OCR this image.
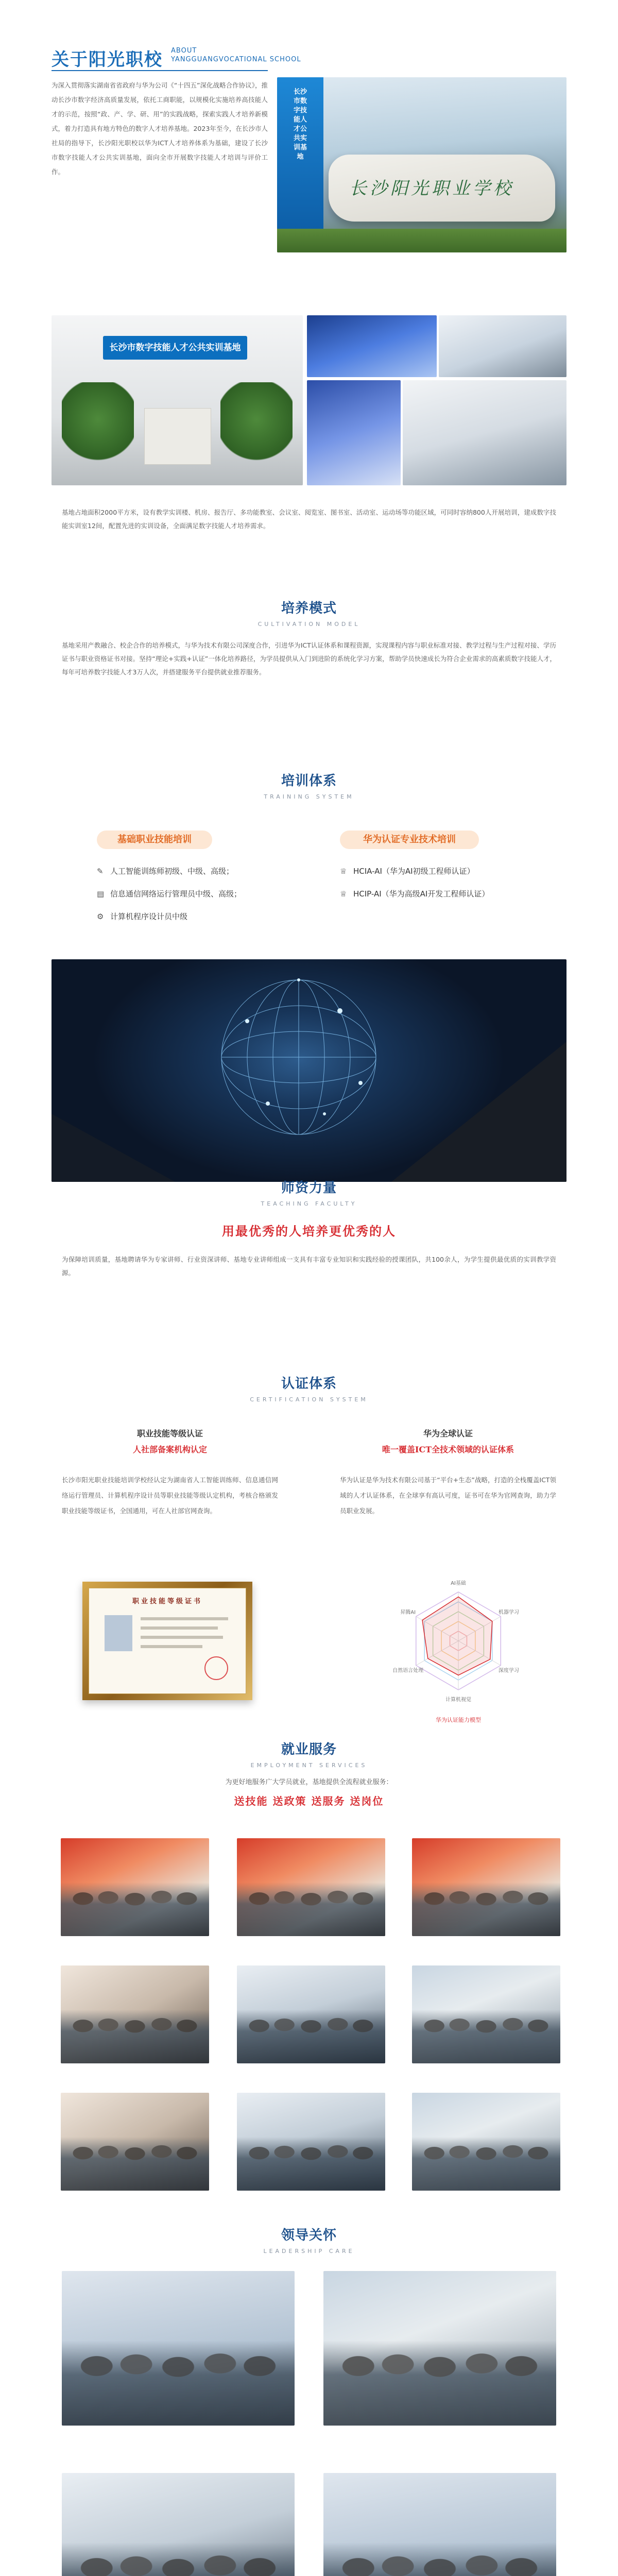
关于阳光职校 ABOUT
YANGGUANGVOCATIONAL SCHOOL
为深入贯彻落实湖南省省政府与华为公司《“十四五”深化战略合作协议》，推动长沙市数字经济高质量发展，依托工商职能，以规模化实施培养高技能人才的示范，按照“政、产、学、研、用”的实践战略，探索实践人才培养新模式，着力打造具有地方特色的数字人才培养基地。2023年至今，在长沙市人社局的指导下，长沙阳光职校以华为ICT人才培养体系为基础，建设了长沙市数字技能人才公共实训基地，面向全市开展数字技能人才培训与评价工作。
长沙市数字技能人才公共实训基地
长沙阳光职业学校
长沙市数字技能人才公共实训基地
基地占地面积2000平方米，设有教学实训楼、机房、报告厅、多功能教室、会议室、阅览室、图书室、活动室、运动场等功能区域，可同时容纳800人开展培训，建成数字技能实训室12间，配置先进的实训设备，全面满足数字技能人才培养需求。
培养模式
CULTIVATION MODEL
基地采用产教融合、校企合作的培养模式，与华为技术有限公司深度合作，引进华为ICT认证体系和课程资源，实现课程内容与职业标准对接、教学过程与生产过程对接、学历证书与职业资格证书对接。坚持“理论+实践+认证”一体化培养路径，为学员提供从入门到进阶的系统化学习方案，帮助学员快速成长为符合企业需求的高素质数字技能人才，每年可培养数字技能人才3万人次，并搭建服务平台提供就业推荐服务。
培训体系
TRAINING SYSTEM
基础职业技能培训
✎ 人工智能训练师初级、中级、高级；
▤ 信息通信网络运行管理员中级、高级；
⚙ 计算机程序设计员中级
华为认证专业技术培训
♕ HCIA-AI（华为AI初级工程师认证）
♕ HCIP-AI（华为高级AI开发工程师认证）
师资力量
TEACHING FACULTY
用最优秀的人培养更优秀的人
为保障培训质量，基地聘请华为专家讲师、行业资深讲师、基地专业讲师组成一支具有丰富专业知识和实践经验的授课团队，共100余人，为学生提供最优质的实训教学资源。
认证体系
CERTIFICATION SYSTEM
职业技能等级认证
人社部备案机构认定
长沙市阳光职业技能培训学校经认定为湖南省人工智能训练师、信息通信网络运行管理员、计算机程序设计员等职业技能等级认定机构，考核合格颁发职业技能等级证书，全国通用，可在人社部官网查询。
华为全球认证
唯一覆盖ICT全技术领域的认证体系
华为认证是华为技术有限公司基于“平台+生态”战略，打造的全栈覆盖ICT领域的人才认证体系，在全球享有高认可度，证书可在华为官网查询，助力学员职业发展。
职业技能等级证书
AI基础
机器学习
深度学习
计算机视觉
自然语言处理
昇腾AI
华为认证能力模型
就业服务
EMPLOYMENT SERVICES
为更好地服务广大学员就业，基地提供全流程就业服务：
送技能 送政策 送服务 送岗位
领导关怀
LEADERSHIP CARE
